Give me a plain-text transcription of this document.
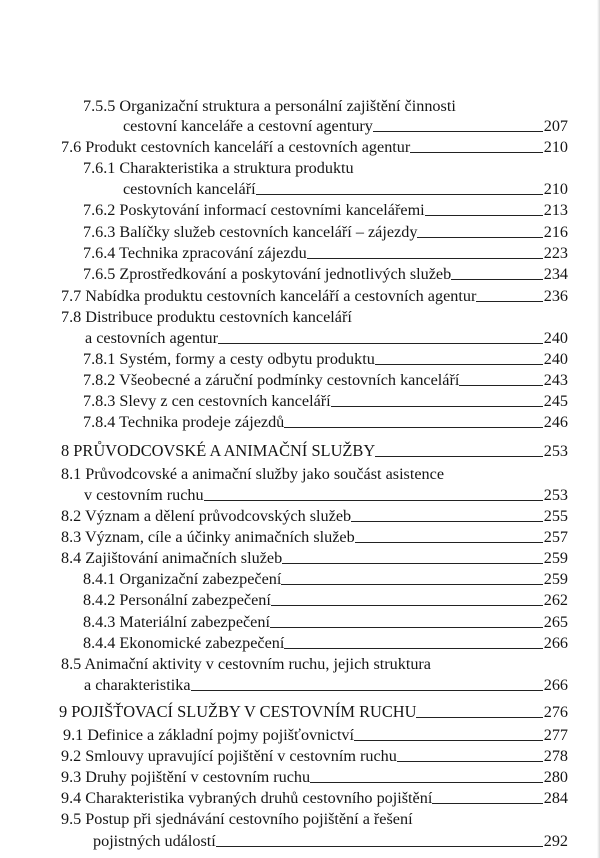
7.5.5 Organizační struktura a personální zajištění činnosti
cestovní kanceláře a cestovní agentury	207
7.6 Produkt cestovních kanceláří a cestovních agentur	210
7.6.1 Charakteristika a struktura produktu
cestovních kanceláří	210
7.6.2 Poskytování informací cestovními kancelářemi	213
7.6.3 Balíčky služeb cestovních kanceláří – zájezdy	216
7.6.4 Technika zpracování zájezdu	223
7.6.5 Zprostředkování a poskytování jednotlivých služeb	234
7.7 Nabídka produktu cestovních kanceláří a cestovních agentur	236
7.8 Distribuce produktu cestovních kanceláří
a cestovních agentur	240
7.8.1 Systém, formy a cesty odbytu produktu	240
7.8.2 Všeobecné a záruční podmínky cestovních kanceláří	243
7.8.3 Slevy z cen cestovních kanceláří	245
7.8.4 Technika prodeje zájezdů	246
8 PRŮVODCOVSKÉ A ANIMAČNÍ SLUŽBY	253
8.1 Průvodcovské a animační služby jako součást asistence
v cestovním ruchu	253
8.2 Význam a dělení průvodcovských služeb	255
8.3 Význam, cíle a účinky animačních služeb	257
8.4 Zajištování animačních služeb	259
8.4.1 Organizační zabezpečení	259
8.4.2 Personální zabezpečení	262
8.4.3 Materiální zabezpečení	265
8.4.4 Ekonomické zabezpečení	266
8.5 Animační aktivity v cestovním ruchu, jejich struktura
a charakteristika	266
9 POJIŠŤOVACÍ SLUŽBY V CESTOVNÍM RUCHU	276
9.1 Definice a základní pojmy pojišťovnictví	277
9.2 Smlouvy upravující pojištění v cestovním ruchu	278
9.3 Druhy pojištění v cestovním ruchu	280
9.4 Charakteristika vybraných druhů cestovního pojištění	284
9.5 Postup při sjednávání cestovního pojištění a řešení
pojistných událostí	292
